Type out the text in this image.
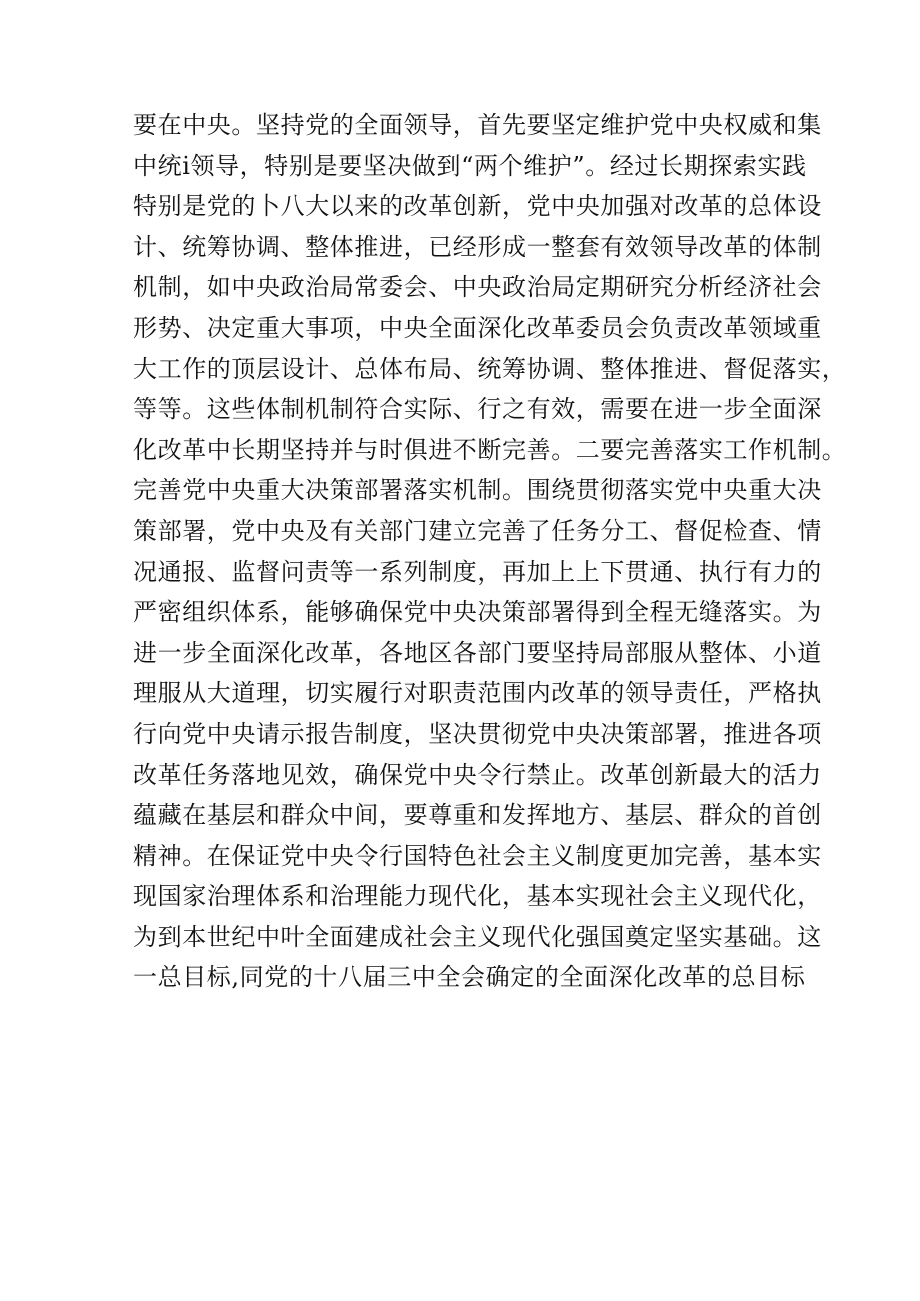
要在中央。坚持党的全面领导，首先要坚定维护党中央权威和集
中统i领导，特别是要坚决做到“两个维护”。经过长期探索实践
特别是党的卜八大以来的改革创新，党中央加强对改革的总体设
计、统筹协调、整体推进，已经形成一整套有效领导改革的体制
机制，如中央政治局常委会、中央政治局定期研究分析经济社会
形势、决定重大事项，中央全面深化改革委员会负责改革领域重
大工作的顶层设计、总体布局、统筹协调、整体推进、督促落实，
等等。这些体制机制符合实际、行之有效，需要在进一步全面深
化改革中长期坚持并与时俱进不断完善。二要完善落实工作机制。
完善党中央重大决策部署落实机制。围绕贯彻落实党中央重大决
策部署，党中央及有关部门建立完善了任务分工、督促检查、情
况通报、监督问责等一系列制度，再加上上下贯通、执行有力的
严密组织体系，能够确保党中央决策部署得到全程无缝落实。为
进一步全面深化改革，各地区各部门要坚持局部服从整体、小道
理服从大道理，切实履行对职责范围内改革的领导责任，严格执
行向党中央请示报告制度，坚决贯彻党中央决策部署，推进各项
改革任务落地见效，确保党中央令行禁止。改革创新最大的活力
蕴藏在基层和群众中间，要尊重和发挥地方、基层、群众的首创
精神。在保证党中央令行国特色社会主义制度更加完善，基本实
现国家治理体系和治理能力现代化，基本实现社会主义现代化，
为到本世纪中叶全面建成社会主义现代化强国奠定坚实基础。这
一总目标,同党的十八届三中全会确定的全面深化改革的总目标
